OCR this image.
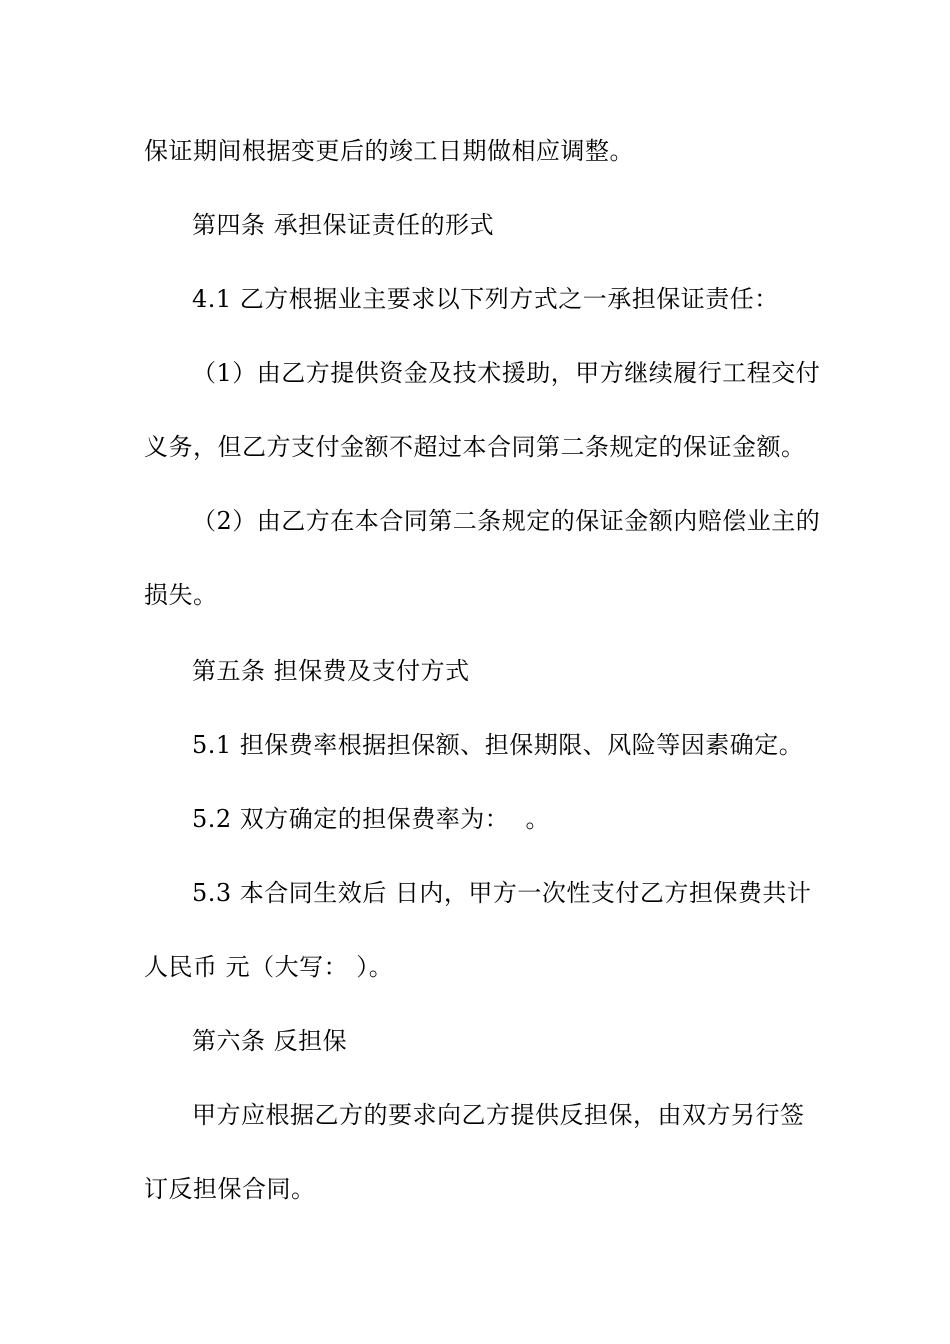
保证期间根据变更后的竣工日期做相应调整。
第四条 承担保证责任的形式
4.1 乙方根据业主要求以下列方式之一承担保证责任：
（1）由乙方提供资金及技术援助，甲方继续履行工程交付
义务，但乙方支付金额不超过本合同第二条规定的保证金额。
（2）由乙方在本合同第二条规定的保证金额内赔偿业主的
损失。
第五条 担保费及支付方式
5.1 担保费率根据担保额、担保期限、风险等因素确定。
5.2 双方确定的担保费率为：  。
5.3 本合同生效后 日内，甲方一次性支付乙方担保费共计
人民币 元（大写： ）。
第六条 反担保
甲方应根据乙方的要求向乙方提供反担保，由双方另行签
订反担保合同。
